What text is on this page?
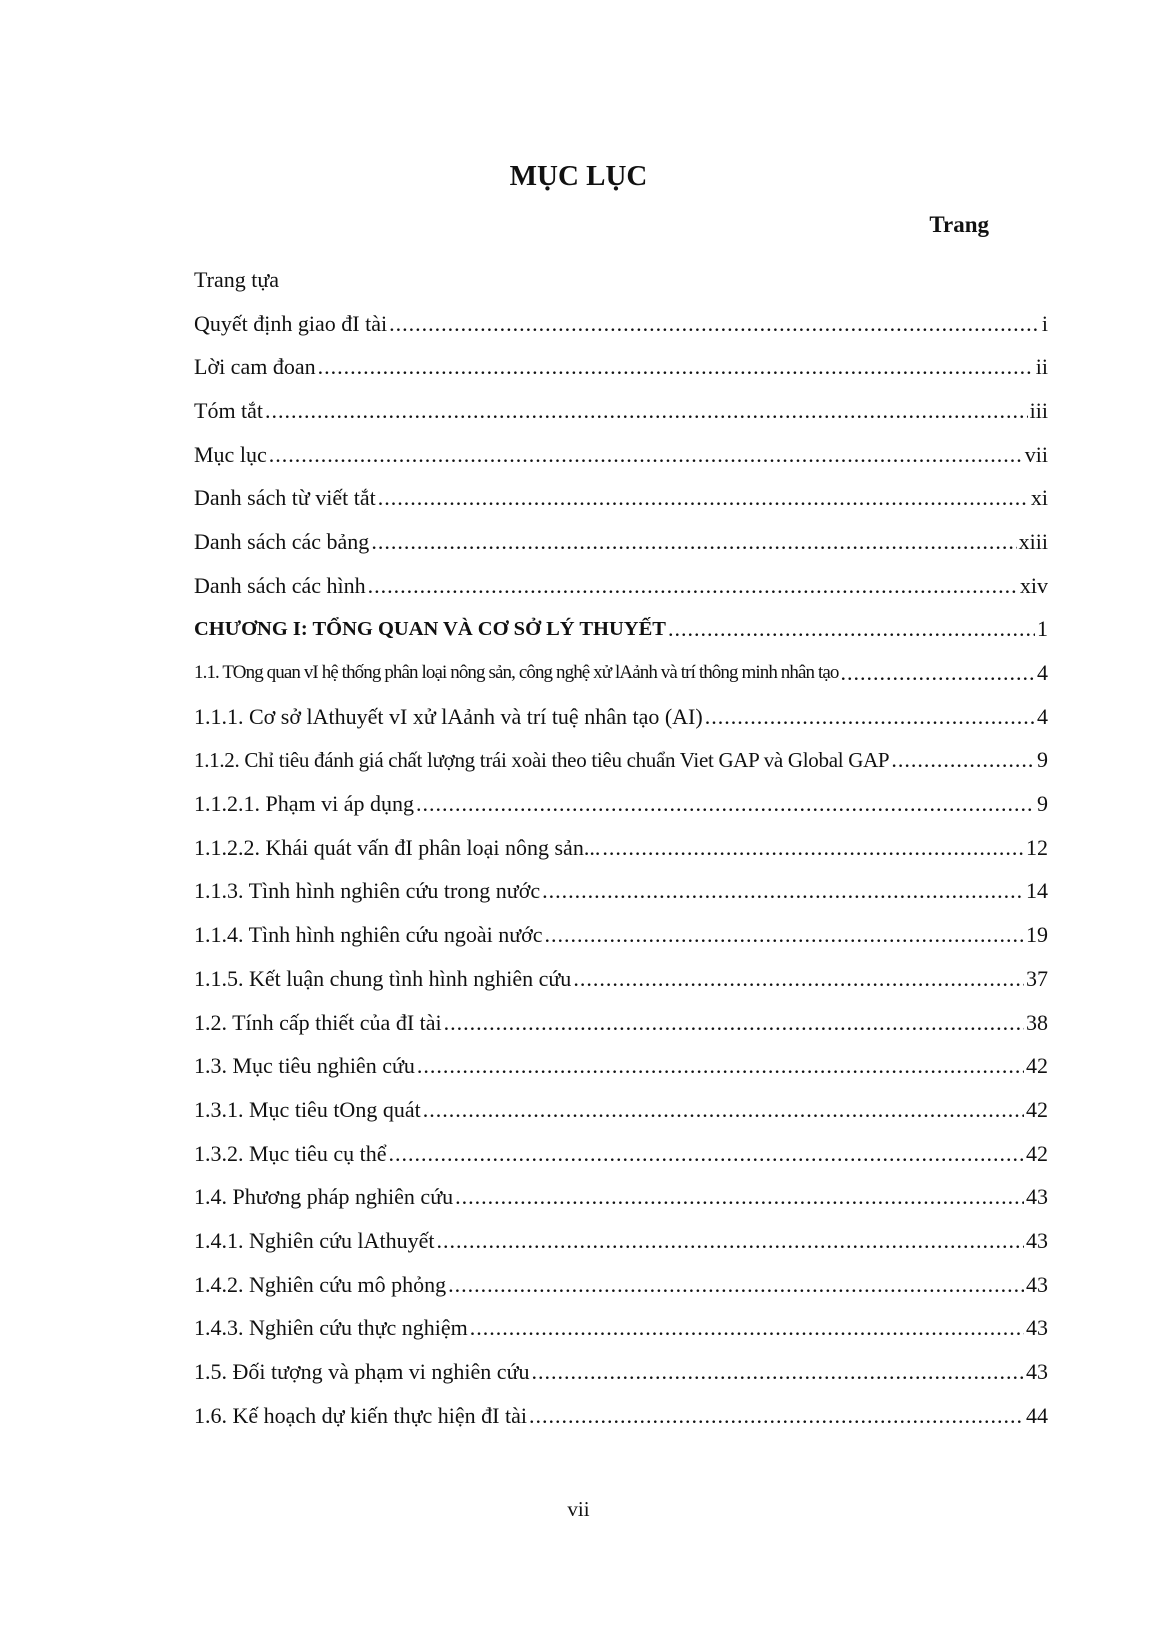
MỤC LỤC
Trang
Trang tựa
Quyết định giao đI tài .....	i
Lời cam đoan .....	ii
Tóm tắt .....	iii
Mục lục .....	vii
Danh sách từ viết tắt .....	xi
Danh sách các bảng .....	xiii
Danh sách các hình .....	xiv
CHƯƠNG I: TỔNG QUAN VÀ CƠ SỞ LÝ THUYẾT .....	1
1.1. TOng quan vI hệ thống phân loại nông sản, công nghệ xử lAảnh và trí thông minh nhân tạo .....	4
1.1.1. Cơ sở lAthuyết vI xử lAảnh và trí tuệ nhân tạo (AI) .....	4
1.1.2. Chỉ tiêu đánh giá chất lượng trái xoài theo tiêu chuẩn Viet GAP và Global GAP .....	9
1.1.2.1. Phạm vi áp dụng .....	9
1.1.2.2. Khái quát vấn đI phân loại nông sản... .....	12
1.1.3. Tình hình nghiên cứu trong nước .....	14
1.1.4. Tình hình nghiên cứu ngoài nước .....	19
1.1.5. Kết luận chung tình hình nghiên cứu .....	37
1.2. Tính cấp thiết của đI tài .....	38
1.3. Mục tiêu nghiên cứu .....	42
1.3.1. Mục tiêu tOng quát .....	42
1.3.2. Mục tiêu cụ thể .....	42
1.4. Phương pháp nghiên cứu .....	43
1.4.1. Nghiên cứu lAthuyết .....	43
1.4.2. Nghiên cứu mô phỏng .....	43
1.4.3. Nghiên cứu thực nghiệm .....	43
1.5. Đối tượng và phạm vi nghiên cứu .....	43
1.6. Kế hoạch dự kiến thực hiện đI tài .....	44
vii
